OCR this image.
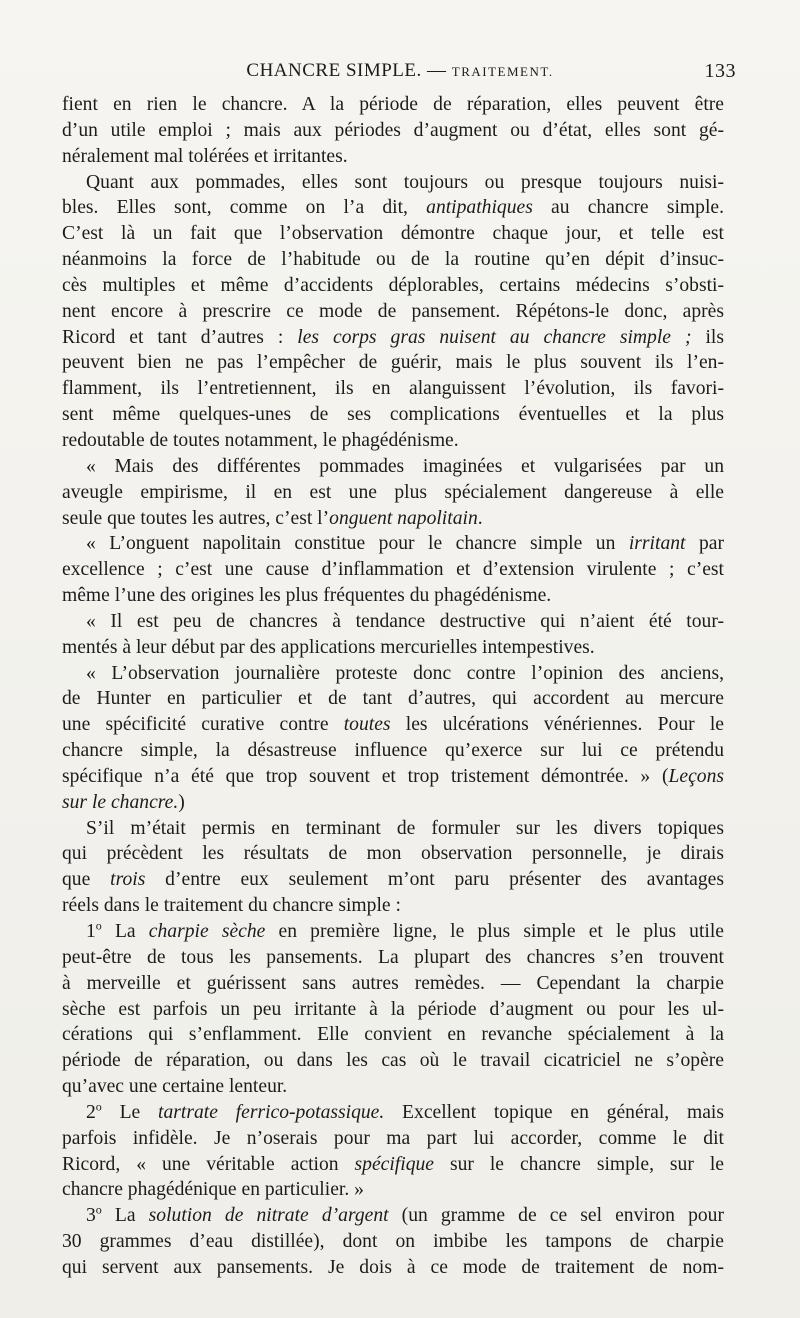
CHANCRE SIMPLE. — TRAITEMENT.	133
fient en rien le chancre. A la période de réparation, elles peuvent être
d’un utile emploi ; mais aux périodes d’augment ou d’état, elles sont gé-
néralement mal tolérées et irritantes.
Quant aux pommades, elles sont toujours ou presque toujours nuisi-
bles. Elles sont, comme on l’a dit, antipathiques au chancre simple.
C’est là un fait que l’observation démontre chaque jour, et telle est
néanmoins la force de l’habitude ou de la routine qu’en dépit d’insuc-
cès multiples et même d’accidents déplorables, certains médecins s’obsti-
nent encore à prescrire ce mode de pansement. Répétons-le donc, après
Ricord et tant d’autres : les corps gras nuisent au chancre simple ; ils
peuvent bien ne pas l’empêcher de guérir, mais le plus souvent ils l’en-
flamment, ils l’entretiennent, ils en alanguissent l’évolution, ils favori-
sent même quelques-unes de ses complications éventuelles et la plus
redoutable de toutes notamment, le phagédénisme.
« Mais des différentes pommades imaginées et vulgarisées par un
aveugle empirisme, il en est une plus spécialement dangereuse à elle
seule que toutes les autres, c’est l’onguent napolitain.
« L’onguent napolitain constitue pour le chancre simple un irritant par
excellence ; c’est une cause d’inflammation et d’extension virulente ; c’est
même l’une des origines les plus fréquentes du phagédénisme.
« Il est peu de chancres à tendance destructive qui n’aient été tour-
mentés à leur début par des applications mercurielles intempestives.
« L’observation journalière proteste donc contre l’opinion des anciens,
de Hunter en particulier et de tant d’autres, qui accordent au mercure
une spécificité curative contre toutes les ulcérations vénériennes. Pour le
chancre simple, la désastreuse influence qu’exerce sur lui ce prétendu
spécifique n’a été que trop souvent et trop tristement démontrée. » (Leçons
sur le chancre.)
S’il m’était permis en terminant de formuler sur les divers topiques
qui précèdent les résultats de mon observation personnelle, je dirais
que trois d’entre eux seulement m’ont paru présenter des avantages
réels dans le traitement du chancre simple :
1$^o$ La charpie sèche en première ligne, le plus simple et le plus utile
peut-être de tous les pansements. La plupart des chancres s’en trouvent
à merveille et guérissent sans autres remèdes. — Cependant la charpie
sèche est parfois un peu irritante à la période d’augment ou pour les ul-
cérations qui s’enflamment. Elle convient en revanche spécialement à la
période de réparation, ou dans les cas où le travail cicatriciel ne s’opère
qu’avec une certaine lenteur.
2$^o$ Le tartrate ferrico-potassique. Excellent topique en général, mais
parfois infidèle. Je n’oserais pour ma part lui accorder, comme le dit
Ricord, « une véritable action spécifique sur le chancre simple, sur le
chancre phagédénique en particulier. »
3$^o$ La solution de nitrate d’argent (un gramme de ce sel environ pour
30 grammes d’eau distillée), dont on imbibe les tampons de charpie
qui servent aux pansements. Je dois à ce mode de traitement de nom-
